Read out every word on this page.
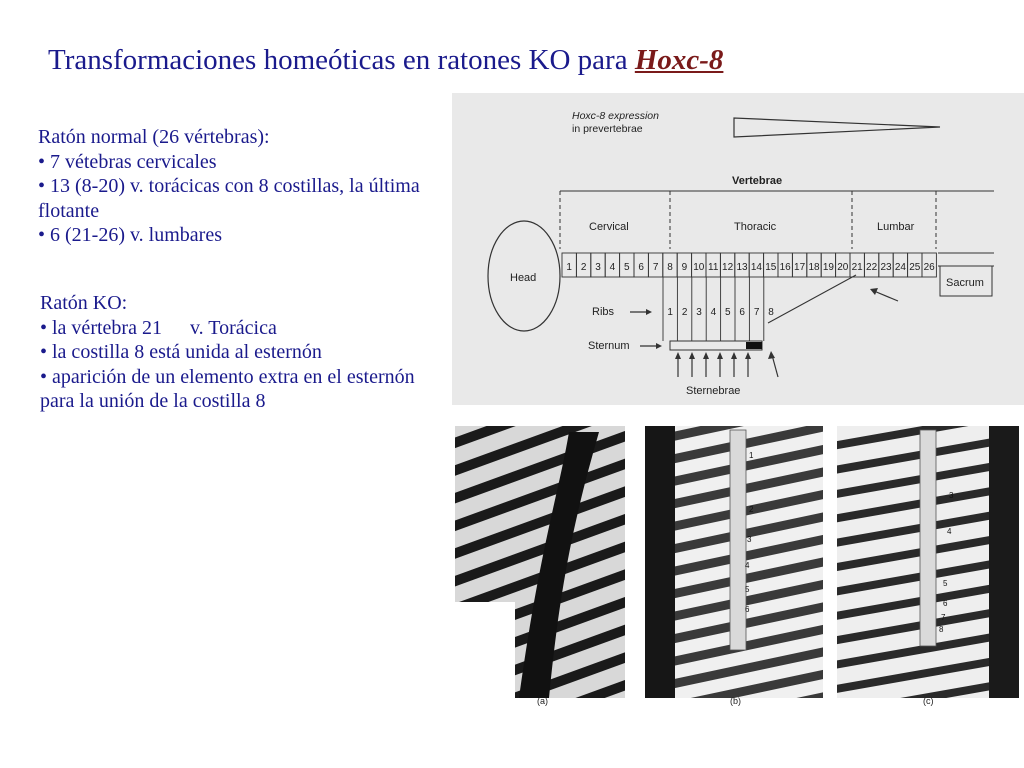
Transformaciones homeóticas en ratones KO para Hoxc-8

Ratón normal (26 vértebras):

• 7 vétebras cervicales

• 13 (8-20) v. torácicas con 8 costillas, la última flotante

• 6 (21-26) v. lumbares

Ratón KO:

• la vértebra 21 v. Torácica

• la costilla 8 está unida al esternón

• aparición de un elemento extra en el esternón para la unión de la costilla 8

Hoxc-8 expression
in prevertebrae
Vertebrae
Cervical	Thoracic	Lumbar
Head
1 2 3 4 5 6 7 8 9 10 11 12 13 14 15 16 17 18 19 20 21 22 23 24 25 26
Sacrum
Ribs	1 2 3 4 5 6 7 8
Sternum
Sternebrae
(a)
1
2
3
4
5
6
(b)
3
4
5
6
7
8
(c)
